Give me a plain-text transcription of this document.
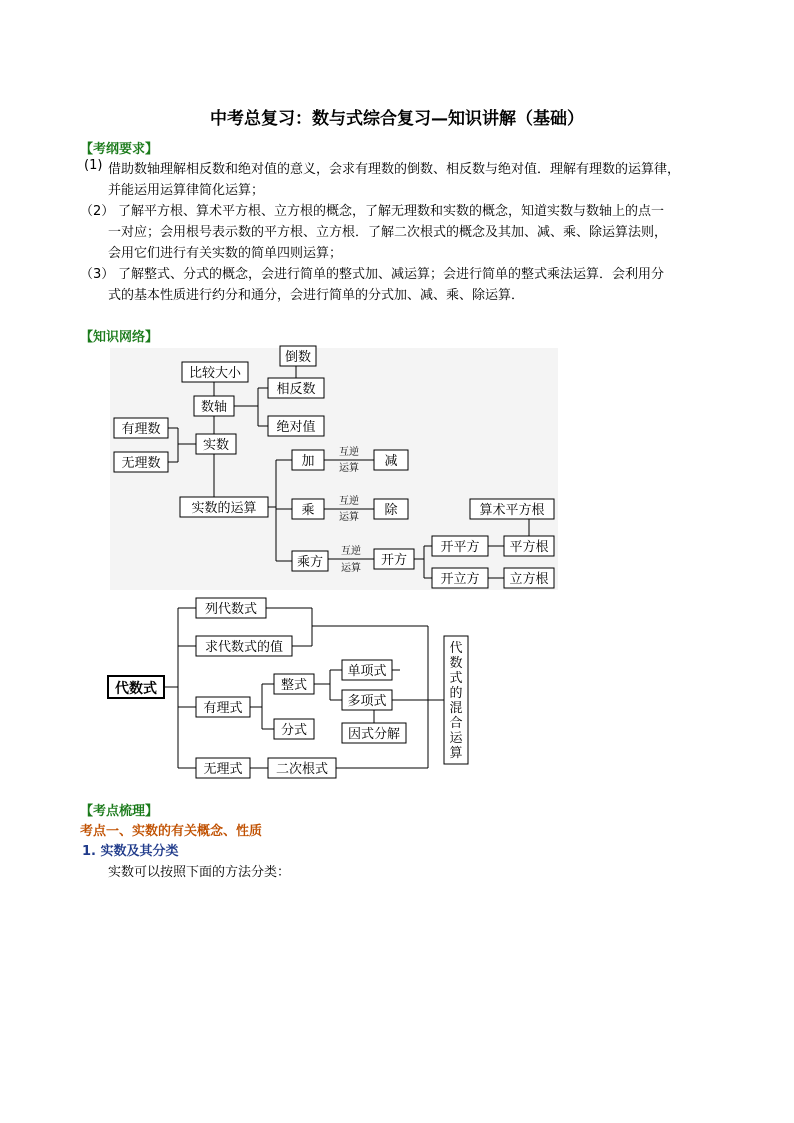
中考总复习：数与式综合复习—知识讲解（基础）
【考纲要求】
(1) 借助数轴理解相反数和绝对值的意义，会求有理数的倒数、相反数与绝对值．理解有理数的运算律，
并能运用运算律简化运算；
（2） 了解平方根、算术平方根、立方根的概念，了解无理数和实数的概念，知道实数与数轴上的点一
一对应；会用根号表示数的平方根、立方根．了解二次根式的概念及其加、减、乘、除运算法则，
会用它们进行有关实数的简单四则运算；
（3） 了解整式、分式的概念，会进行简单的整式加、减运算；会进行简单的整式乘法运算．会利用分
式的基本性质进行约分和通分，会进行简单的分式加、减、乘、除运算．
【知识网络】
比较大小
倒数
相反数
数轴
绝对值
有理数
无理数
实数
实数的运算
加	减
乘	除
乘方	开方
开平方 平方根
算术平方根
开立方 立方根
互逆
运算
互逆
运算
互逆
运算
列代数式
求代数式的值
代数式
有理式
整式
单项式
多项式
分式	因式分解
无理式	二次根式
代
数
式
的
混
合
运
算
【考点梳理】
考点一、实数的有关概念、性质
1. 实数及其分类
实数可以按照下面的方法分类：
